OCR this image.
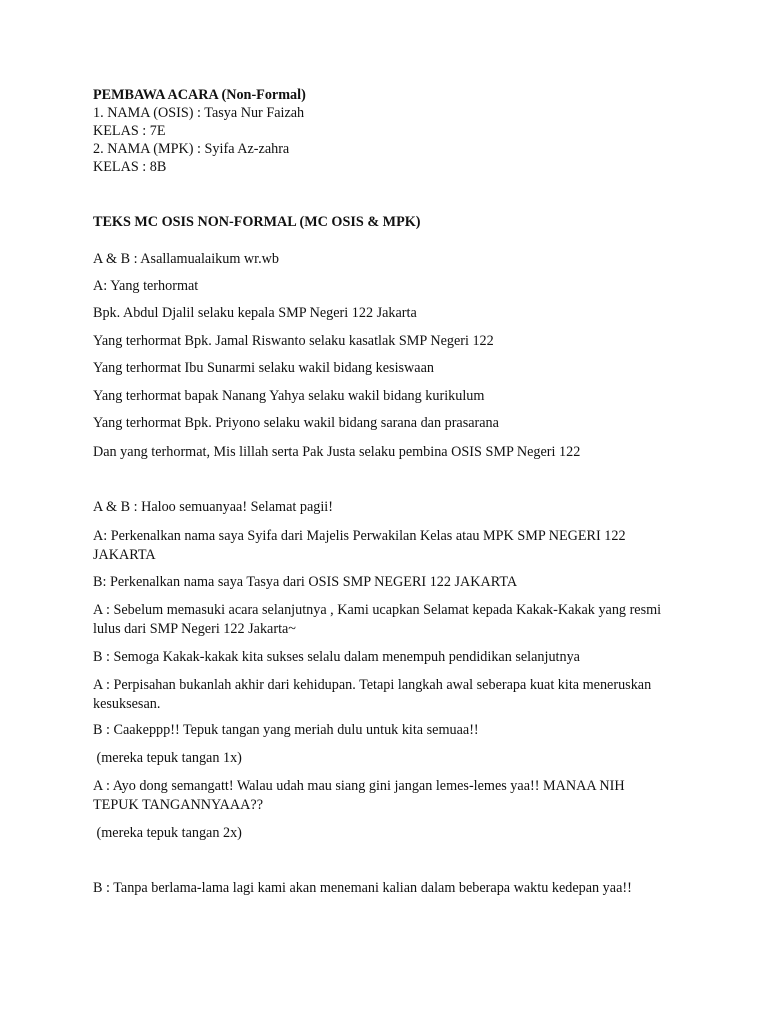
PEMBAWA ACARA (Non-Formal)
1. NAMA (OSIS) : Tasya Nur Faizah
KELAS : 7E
2. NAMA (MPK) : Syifa Az-zahra
KELAS : 8B
TEKS MC OSIS NON-FORMAL (MC OSIS & MPK)
A & B : Asallamualaikum wr.wb
A: Yang terhormat
Bpk. Abdul Djalil selaku kepala SMP Negeri 122 Jakarta
Yang terhormat Bpk. Jamal Riswanto selaku kasatlak SMP Negeri 122
Yang terhormat Ibu Sunarmi selaku wakil bidang kesiswaan
Yang terhormat bapak Nanang Yahya selaku wakil bidang kurikulum
Yang terhormat Bpk. Priyono selaku wakil bidang sarana dan prasarana
Dan yang terhormat, Mis lillah serta Pak Justa selaku pembina OSIS SMP Negeri 122
A & B : Haloo semuanyaa! Selamat pagii!
A: Perkenalkan nama saya Syifa dari Majelis Perwakilan Kelas atau MPK SMP NEGERI 122 JAKARTA
B: Perkenalkan nama saya Tasya dari OSIS SMP NEGERI 122 JAKARTA
A : Sebelum memasuki acara selanjutnya , Kami ucapkan Selamat kepada Kakak-Kakak yang resmi lulus dari SMP Negeri 122 Jakarta~
B : Semoga Kakak-kakak kita sukses selalu dalam menempuh pendidikan selanjutnya
A : Perpisahan bukanlah akhir dari kehidupan. Tetapi langkah awal seberapa kuat kita meneruskan kesuksesan.
B : Caakeppp!! Tepuk tangan yang meriah dulu untuk kita semuaa!!
(mereka tepuk tangan 1x)
A : Ayo dong semangatt! Walau udah mau siang gini jangan lemes-lemes yaa!! MANAA NIH TEPUK TANGANNYAAA??
(mereka tepuk tangan 2x)
B : Tanpa berlama-lama lagi kami akan menemani kalian dalam beberapa waktu kedepan yaa!!
